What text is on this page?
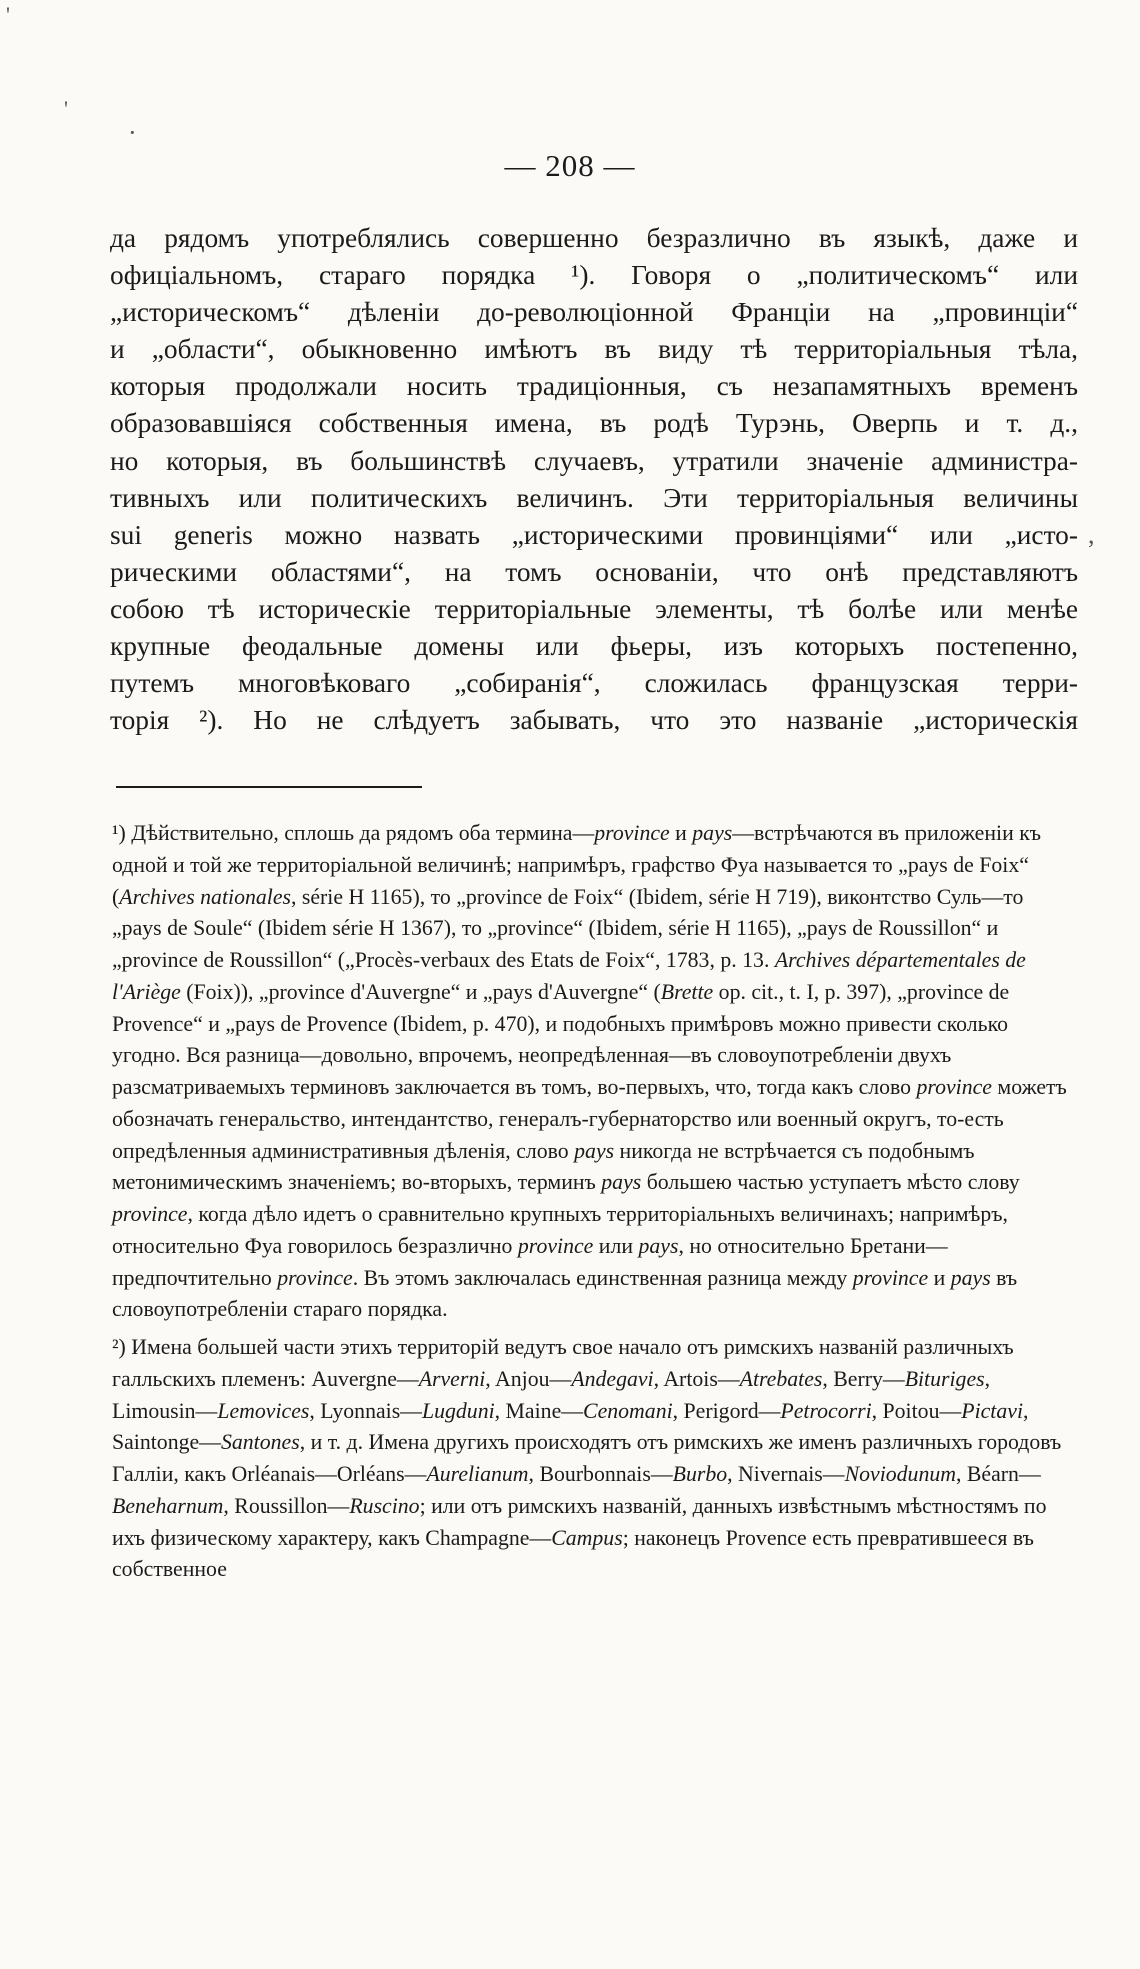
'
'
·
,
— 208 —
да рядомъ употреблялись совершенно безразлично въ языкѣ, даже и
офиціальномъ, стараго порядка ¹). Говоря о „политическомъ“ или
„историческомъ“ дѣленіи до-революціонной Франціи на „провинціи“
и „области“, обыкновенно имѣютъ въ виду тѣ территоріальныя тѣла,
которыя продолжали носить традиціонныя, съ незапамятныхъ временъ
образовавшіяся собственныя имена, въ родѣ Турэнь, Оверпь и т. д.,
но которыя, въ большинствѣ случаевъ, утратили значеніе администра-
тивныхъ или политическихъ величинъ. Эти территоріальныя величины
sui generis можно назвать „историческими провинціями“ или „исто-
рическими областями“, на томъ основаніи, что онѣ представляютъ
собою тѣ историческіе территоріальные элементы, тѣ болѣе или менѣе
крупные феодальные домены или фьеры, изъ которыхъ постепенно,
путемъ многовѣковаго „собиранія“, сложилась французская терри-
торія ²). Но не слѣдуетъ забывать, что это названіе „историческія

¹) Дѣйствительно, сплошь да рядомъ оба термина—province и pays—встрѣчаются въ приложеніи къ одной и той же территоріальной величинѣ; напримѣръ, графство Фуа называется то „pays de Foix“ (Archives nationales, série H 1165), то „province de Foix“ (Ibidem, série H 719), виконтство Суль—то „pays de Soule“ (Ibidem série H 1367), то „province“ (Ibidem, série H 1165), „pays de Roussillon“ и „province de Roussillon“ („Procès-verbaux des Etats de Foix“, 1783, p. 13. Archives départementales de l'Ariège (Foix)), „province d'Auvergne“ и „pays d'Auvergne“ (Brette op. cit., t. I, p. 397), „province de Provence“ и „pays de Provence (Ibidem, p. 470), и подобныхъ примѣровъ можно привести сколько угодно. Вся разница—довольно, впрочемъ, неопредѣленная—въ словоупотребленіи двухъ разсматриваемыхъ терминовъ заключается въ томъ, во-первыхъ, что, тогда какъ слово province можетъ обозначать генеральство, интендантство, генералъ-губернаторство или военный округъ, то-есть опредѣленныя административныя дѣленія, слово pays никогда не встрѣчается съ подобнымъ метонимическимъ значеніемъ; во-вторыхъ, терминъ pays большею частью уступаетъ мѣсто слову province, когда дѣло идетъ о сравнительно крупныхъ территоріальныхъ величинахъ; напримѣръ, относительно Фуа говорилось безразлично province или pays, но относительно Бретани—предпочтительно province. Въ этомъ заключалась единственная разница между province и pays въ словоупотребленіи стараго порядка.

²) Имена большей части этихъ территорій ведутъ свое начало отъ римскихъ названій различныхъ галльскихъ племенъ: Auvergne—Arverni, Anjou—Andegavi, Artois—Atrebates, Berry—Bituriges, Limousin—Lemovices, Lyonnais—Lugduni, Maine—Cenomani, Perigord—Petrocorri, Poitou—Pictavi, Saintonge—Santones, и т. д. Имена другихъ происходятъ отъ римскихъ же именъ различныхъ городовъ Галліи, какъ Orléanais—Orléans—Aurelianum, Bourbonnais—Burbo, Nivernais—Noviodunum, Béarn—Beneharnum, Roussillon—Ruscino; или отъ римскихъ названій, данныхъ извѣстнымъ мѣстностямъ по ихъ физическому характеру, какъ Champagne—Campus; наконецъ Provence есть превратившееся въ собственное
